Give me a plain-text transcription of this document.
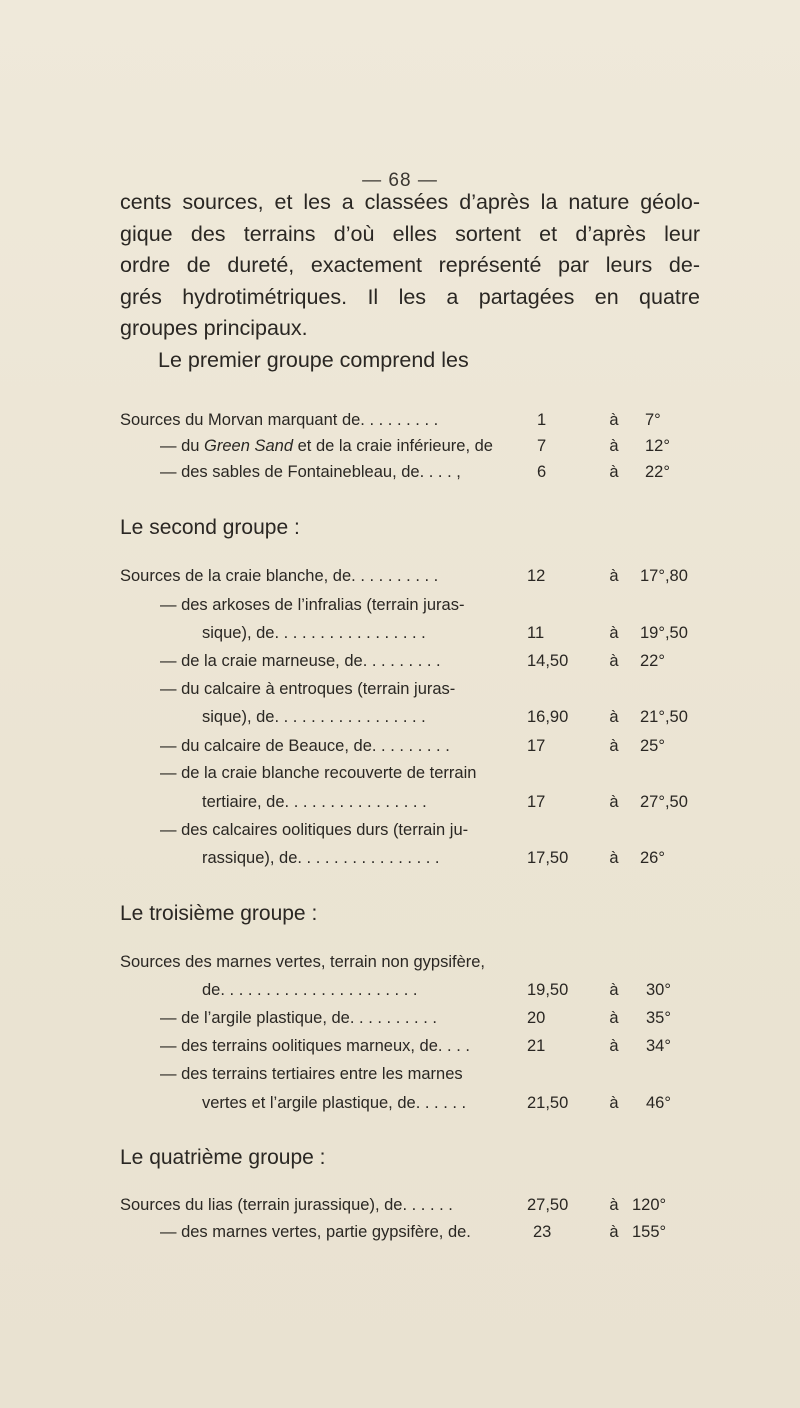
— 68 —
cents sources, et les a classées d’après la nature géolo-
gique des terrains d’où elles sortent et d’après leur
ordre de dureté, exactement représenté par leurs de-
grés hydrotimétriques. Il les a partagées en quatre
groupes principaux.
Le premier groupe comprend les
Sources du Morvan marquant de. . . . . . . . .	1	à	7°
— du Green Sand et de la craie inférieure, de	7	à	12°
— des sables de Fontainebleau, de. . . . ,	6	à	22°
Le second groupe :
Sources de la craie blanche, de. . . . . . . . . .	12	à	17°,80
— des arkoses de l’infralias (terrain juras-
sique), de. . . . . . . . . . . . . . . . .	11	à	19°,50
— de la craie marneuse, de. . . . . . . . .	14,50	à	22°
— du calcaire à entroques (terrain juras-
sique), de. . . . . . . . . . . . . . . . .	16,90	à	21°,50
— du calcaire de Beauce, de. . . . . . . . .	17	à	25°
— de la craie blanche recouverte de terrain
tertiaire, de. . . . . . . . . . . . . . . .	17	à	27°,50
— des calcaires oolitiques durs (terrain ju-
rassique), de. . . . . . . . . . . . . . . .	17,50	à	26°
Le troisième groupe :
Sources des marnes vertes, terrain non gypsifère,
de. . . . . . . . . . . . . . . . . . . . . .	19,50	à	30°
— de l’argile plastique, de. . . . . . . . . .	20	à	35°
— des terrains oolitiques marneux, de. . . .	21	à	34°
— des terrains tertiaires entre les marnes
vertes et l’argile plastique, de. . . . . .	21,50	à	46°
Le quatrième groupe :
Sources du lias (terrain jurassique), de. . . . . .	27,50	à 120°
— des marnes vertes, partie gypsifère, de.	23	à 155°
